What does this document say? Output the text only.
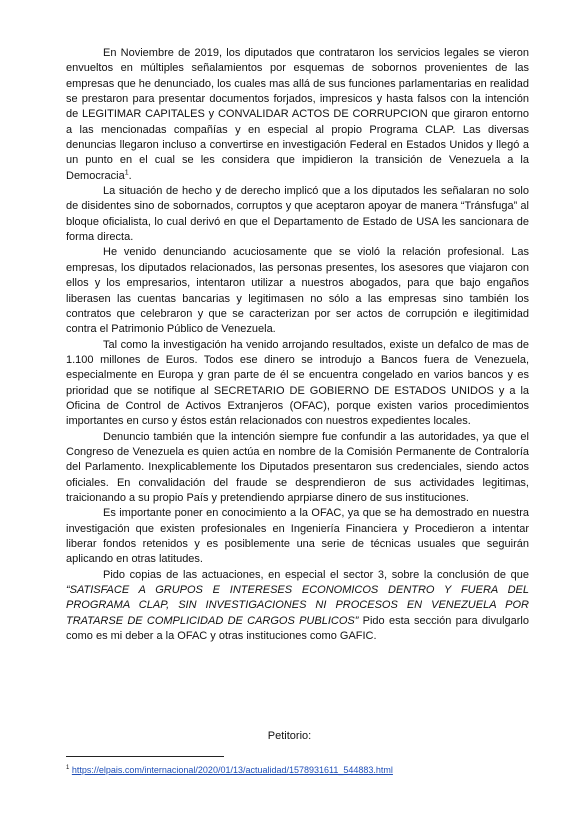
En Noviembre de 2019, los diputados que contrataron los servicios legales se vieron envueltos en múltiples señalamientos por esquemas de sobornos provenientes de las empresas que he denunciado, los cuales mas allá de sus funciones parlamentarias en realidad se prestaron para presentar documentos forjados, impresicos y hasta falsos con la intención de LEGITIMAR CAPITALES y CONVALIDAR ACTOS DE CORRUPCION que giraron entorno a las mencionadas compañías y en especial al propio Programa CLAP. Las diversas denuncias llegaron incluso a convertirse en investigación Federal en Estados Unidos y llegó a un punto en el cual se les considera que impidieron la transición de Venezuela a la Democracia$^1$.

La situación de hecho y de derecho implicó que a los diputados les señalaran no solo de disidentes sino de sobornados, corruptos y que aceptaron apoyar de manera “Tránsfuga” al bloque oficialista, lo cual derivó en que el Departamento de Estado de USA les sancionara de forma directa.

He venido denunciando acuciosamente que se violó la relación profesional. Las empresas, los diputados relacionados, las personas presentes, los asesores que viajaron con ellos y los empresarios, intentaron utilizar a nuestros abogados, para que bajo engaños liberasen las cuentas bancarias y legitimasen no sólo a las empresas sino también los contratos que celebraron y que se caracterizan por ser actos de corrupción e ilegitimidad contra el Patrimonio Público de Venezuela.

Tal como la investigación ha venido arrojando resultados, existe un defalco de mas de 1.100 millones de Euros. Todos ese dinero se introdujo a Bancos fuera de Venezuela, especialmente en Europa y gran parte de él se encuentra congelado en varios bancos y es prioridad que se notifique al SECRETARIO DE GOBIERNO DE ESTADOS UNIDOS y a la Oficina de Control de Activos Extranjeros (OFAC), porque existen varios procedimientos importantes en curso y éstos están relacionados con nuestros expedientes locales.

Denuncio también que la intención siempre fue confundir a las autoridades, ya que el Congreso de Venezuela es quien actúa en nombre de la Comisión Permanente de Contraloría del Parlamento. Inexplicablemente los Diputados presentaron sus credenciales, siendo actos oficiales. En convalidación del fraude se desprendieron de sus actividades legitimas, traicionando a su propio País y pretendiendo aprpiarse dinero de sus instituciones.

Es importante poner en conocimiento a la OFAC, ya que se ha demostrado en nuestra investigación que existen profesionales en Ingeniería Financiera y Procedieron a intentar liberar fondos retenidos y es posiblemente una serie de técnicas usuales que seguirán aplicando en otras latitudes.

Pido copias de las actuaciones, en especial el sector 3, sobre la conclusión de que “SATISFACE A GRUPOS E INTERESES ECONOMICOS DENTRO Y FUERA DEL PROGRAMA CLAP, SIN INVESTIGACIONES NI PROCESOS EN VENEZUELA POR TRATARSE DE COMPLICIDAD DE CARGOS PUBLICOS” Pido esta sección para divulgarlo como es mi deber a la OFAC y otras instituciones como GAFIC.

Petitorio:
$^1$ https://elpais.com/internacional/2020/01/13/actualidad/1578931611_544883.html
